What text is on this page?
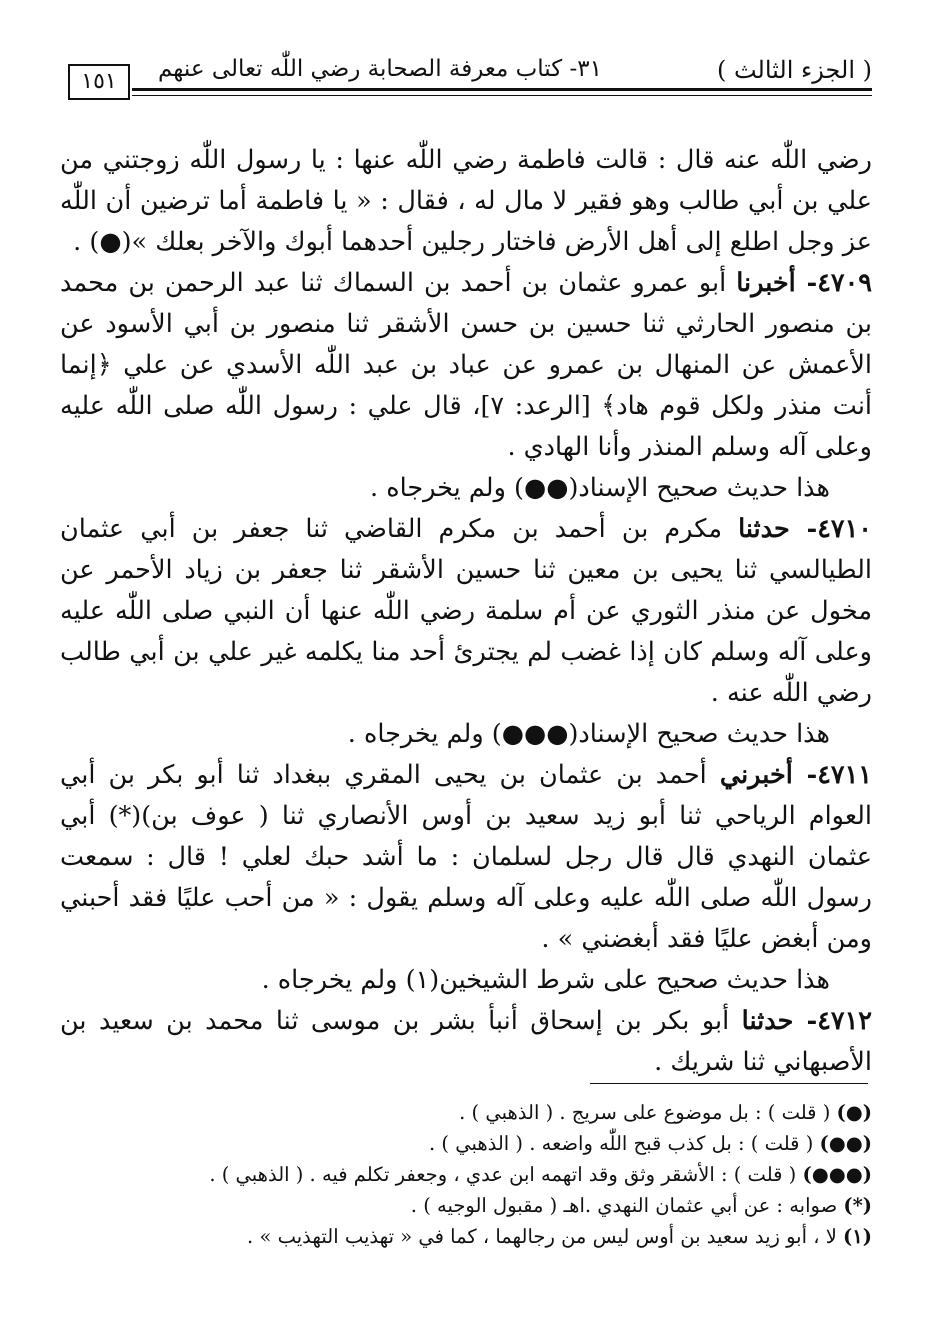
( الجزء الثالث )
٣١- كتاب معرفة الصحابة رضي اللّٰه تعالى عنهم
١٥١

رضي اللّٰه عنه قال : قالت فاطمة رضي اللّٰه عنها : يا رسول اللّٰه زوجتني من علي بن أبي طالب وهو فقير لا مال له ، فقال : « يا فاطمة أما ترضين أن اللّٰه عز وجل اطلع إلى أهل الأرض فاختار رجلين أحدهما أبوك والآخر بعلك »(●) .

٤٧٠٩- أخبرنا أبو عمرو عثمان بن أحمد بن السماك ثنا عبد الرحمن بن محمد بن منصور الحارثي ثنا حسين بن حسن الأشقر ثنا منصور بن أبي الأسود عن الأعمش عن المنهال بن عمرو عن عباد بن عبد اللّٰه الأسدي عن علي ﴿إنما أنت منذر ولكل قوم هاد﴾ [الرعد: ٧]، قال علي : رسول اللّٰه صلى اللّٰه عليه وعلى آله وسلم المنذر وأنا الهادي .

هذا حديث صحيح الإسناد(●●) ولم يخرجاه .

٤٧١٠- حدثنا مكرم بن أحمد بن مكرم القاضي ثنا جعفر بن أبي عثمان الطيالسي ثنا يحيى بن معين ثنا حسين الأشقر ثنا جعفر بن زياد الأحمر عن مخول عن منذر الثوري عن أم سلمة رضي اللّٰه عنها أن النبي صلى اللّٰه عليه وعلى آله وسلم كان إذا غضب لم يجترئ أحد منا يكلمه غير علي بن أبي طالب رضي اللّٰه عنه .

هذا حديث صحيح الإسناد(●●●) ولم يخرجاه .

٤٧١١- أخبرني أحمد بن عثمان بن يحيى المقري ببغداد ثنا أبو بكر بن أبي العوام الرياحي ثنا أبو زيد سعيد بن أوس الأنصاري ثنا ( عوف بن)(*) أبي عثمان النهدي قال قال رجل لسلمان : ما أشد حبك لعلي ! قال : سمعت رسول اللّٰه صلى اللّٰه عليه وعلى آله وسلم يقول : « من أحب عليًا فقد أحبني ومن أبغض عليًا فقد أبغضني » .

هذا حديث صحيح على شرط الشيخين(١) ولم يخرجاه .

٤٧١٢- حدثنا أبو بكر بن إسحاق أنبأ بشر بن موسى ثنا محمد بن سعيد بن الأصبهاني ثنا شريك .

(●) ( قلت ) : بل موضوع على سريج . ( الذهبي ) .

(●●) ( قلت ) : بل كذب قبح اللّٰه واضعه . ( الذهبي ) .

(●●●) ( قلت ) : الأشقر وثق وقد اتهمه ابن عدي ، وجعفر تكلم فيه . ( الذهبي ) .

(*) صوابه : عن أبي عثمان النهدي .اهـ ( مقبول الوجيه ) .

(١) لا ، أبو زيد سعيد بن أوس ليس من رجالهما ، كما في « تهذيب التهذيب » .
